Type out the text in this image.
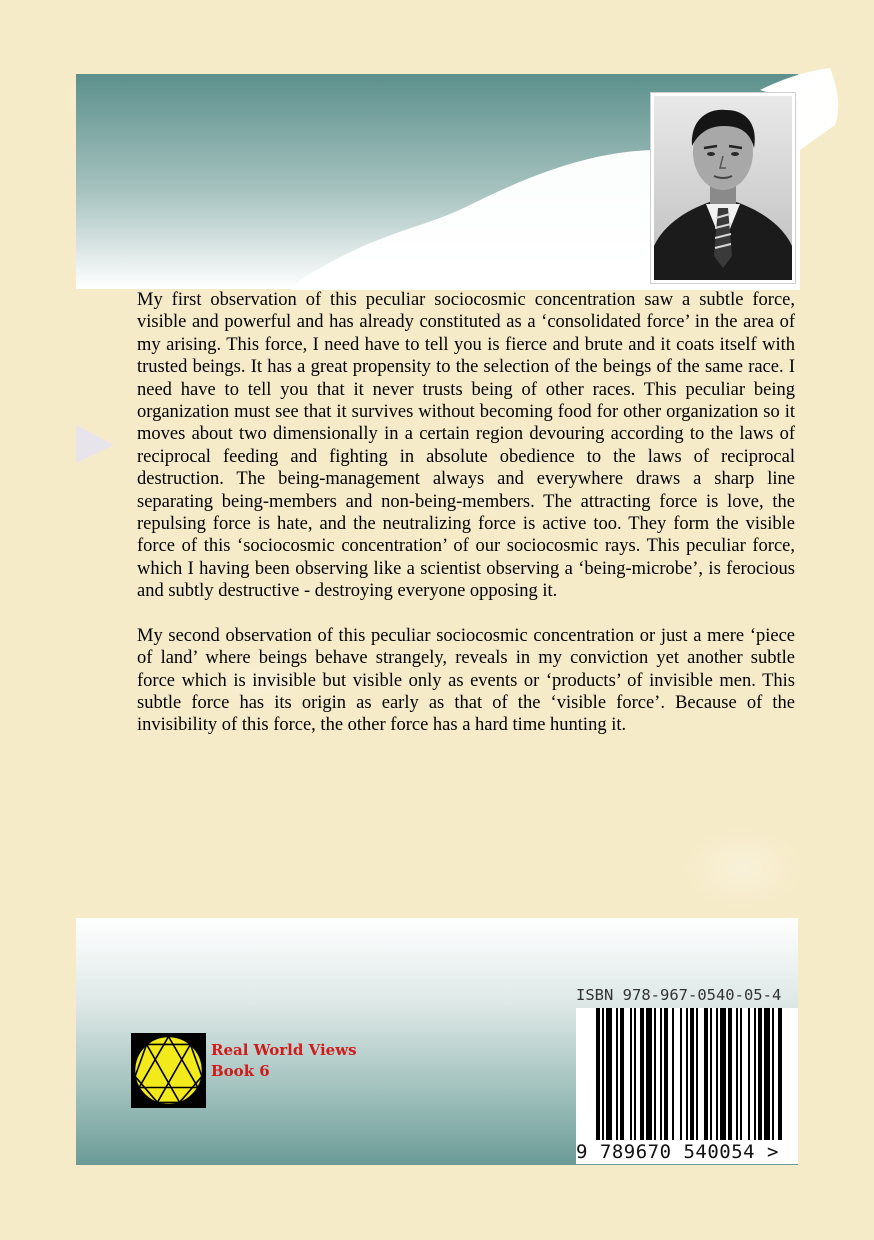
My first observation of this peculiar sociocosmic concentration saw a subtle force, visible and powerful and has already constituted as a ‘consolidated force’ in the area of my arising. This force, I need have to tell you is fierce and brute and it coats itself with trusted beings. It has a great propensity to the selection of the beings of the same race. I need have to tell you that it never trusts being of other races. This peculiar being organization must see that it survives without becoming food for other organization so it moves about two dimensionally in a certain region devouring according to the laws of reciprocal feeding and fighting in absolute obedience to the laws of reciprocal destruction. The being-management always and everywhere draws a sharp line separating being-members and non-being-members. The attracting force is love, the repulsing force is hate, and the neutralizing force is active too. They form the visible force of this ‘sociocosmic concentration’ of our sociocosmic rays. This peculiar force, which I having been observing like a scientist observing a ‘being-microbe’, is ferocious and subtly destructive - destroying everyone opposing it.

My second observation of this peculiar sociocosmic concentration or just a mere ‘piece of land’ where beings behave strangely, reveals in my conviction yet another subtle force which is invisible but visible only as events or ‘products’ of invisible men. This subtle force has its origin as early as that of the ‘visible force’. Because of the invisibility of this force, the other force has a hard time hunting it.

Real World Views
Book 6
ISBN 978-967-0540-05-4
9 789670 540054 >
